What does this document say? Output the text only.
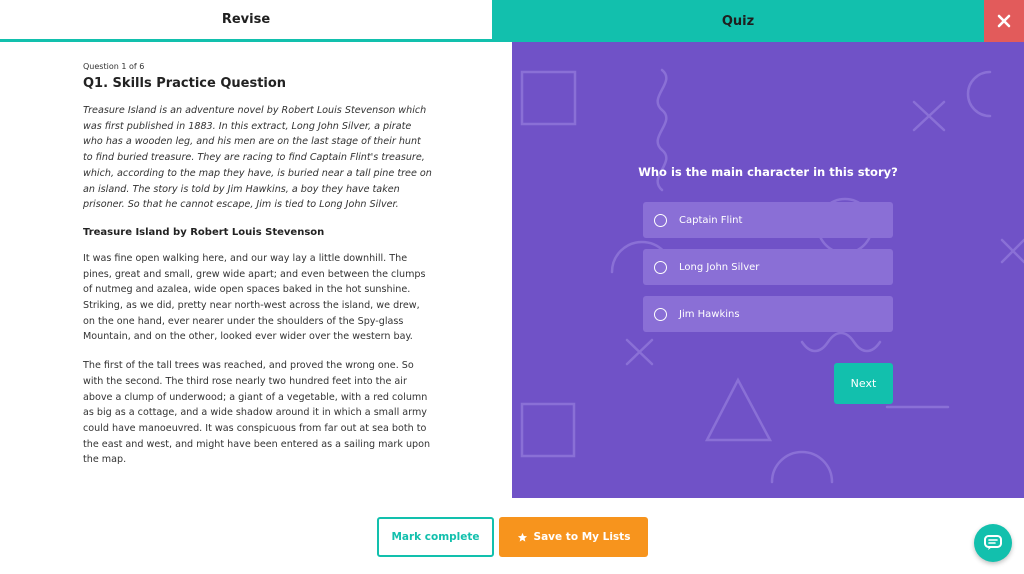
Revise	Quiz
Question 1 of 6
Q1. Skills Practice Question

Treasure Island is an adventure novel by Robert Louis Stevenson which was first published in 1883. In this extract, Long John Silver, a pirate who has a wooden leg, and his men are on the last stage of their hunt to find buried treasure. They are racing to find Captain Flint's treasure, which, according to the map they have, is buried near a tall pine tree on an island. The story is told by Jim Hawkins, a boy they have taken prisoner. So that he cannot escape, Jim is tied to Long John Silver.

Treasure Island by Robert Louis Stevenson

It was fine open walking here, and our way lay a little downhill. The pines, great and small, grew wide apart; and even between the clumps of nutmeg and azalea, wide open spaces baked in the hot sunshine. Striking, as we did, pretty near north-west across the island, we drew, on the one hand, ever nearer under the shoulders of the Spy-glass Mountain, and on the other, looked ever wider over the western bay.

The first of the tall trees was reached, and proved the wrong one. So with the second. The third rose nearly two hundred feet into the air above a clump of underwood; a giant of a vegetable, with a red column as big as a cottage, and a wide shadow around it in which a small army could have manoeuvred. It was conspicuous from far out at sea both to the east and west, and might have been entered as a sailing mark upon the map.

Who is the main character in this story?
Captain Flint
Long John Silver
Jim Hawkins
Next
Mark complete	Save to My Lists
